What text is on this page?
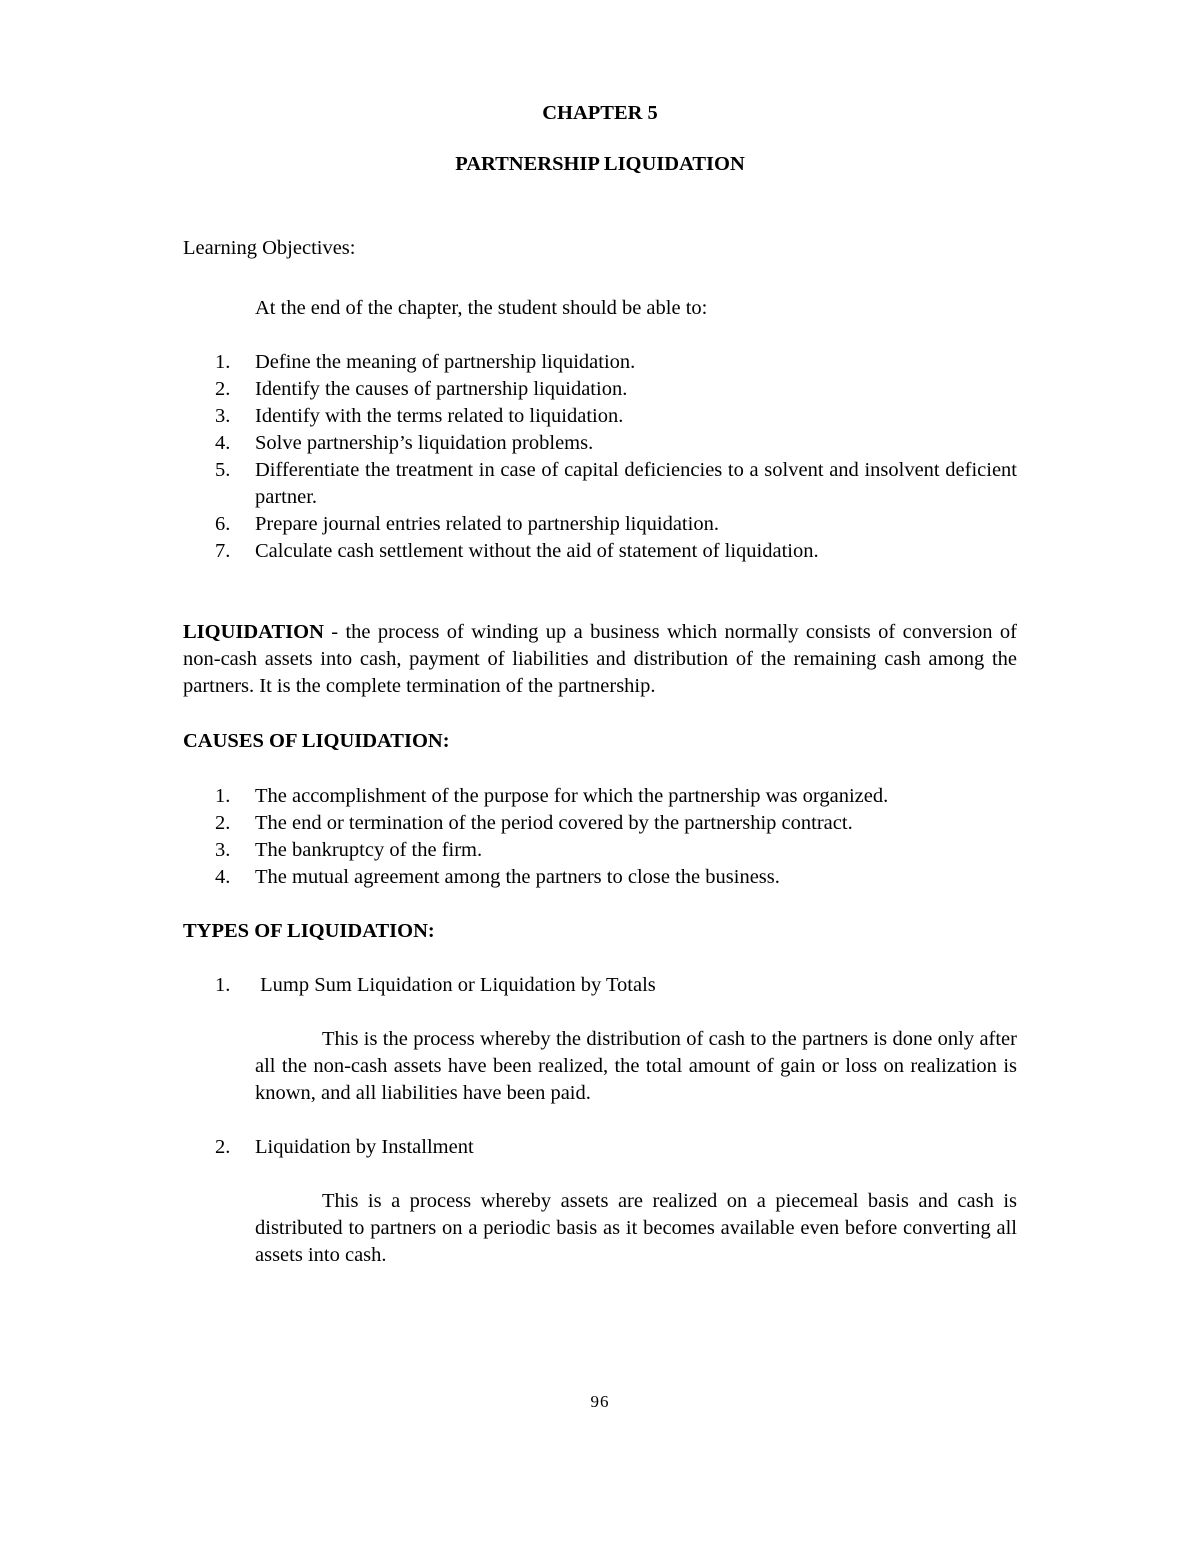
CHAPTER 5
PARTNERSHIP LIQUIDATION
Learning Objectives:
At the end of the chapter, the student should be able to:
1.	Define the meaning of partnership liquidation.
2.	Identify the causes of partnership liquidation.
3.	Identify with the terms related to liquidation.
4.	Solve partnership’s liquidation problems.
5.	Differentiate the treatment in case of capital deficiencies to a solvent and insolvent deficient partner.
6.	Prepare journal entries related to partnership liquidation.
7.	Calculate cash settlement without the aid of statement of liquidation.
LIQUIDATION - the process of winding up a business which normally consists of conversion of non-cash assets into cash, payment of liabilities and distribution of the remaining cash among the partners. It is the complete termination of the partnership.
CAUSES OF LIQUIDATION:
1.	The accomplishment of the purpose for which the partnership was organized.
2.	The end or termination of the period covered by the partnership contract.
3.	The bankruptcy of the firm.
4.	The mutual agreement among the partners to close the business.
TYPES OF LIQUIDATION:
1. Lump Sum Liquidation or Liquidation by Totals
This is the process whereby the distribution of cash to the partners is done only after all the non-cash assets have been realized, the total amount of gain or loss on realization is known, and all liabilities have been paid.
2. Liquidation by Installment
This is a process whereby assets are realized on a piecemeal basis and cash is distributed to partners on a periodic basis as it becomes available even before converting all assets into cash.
96
